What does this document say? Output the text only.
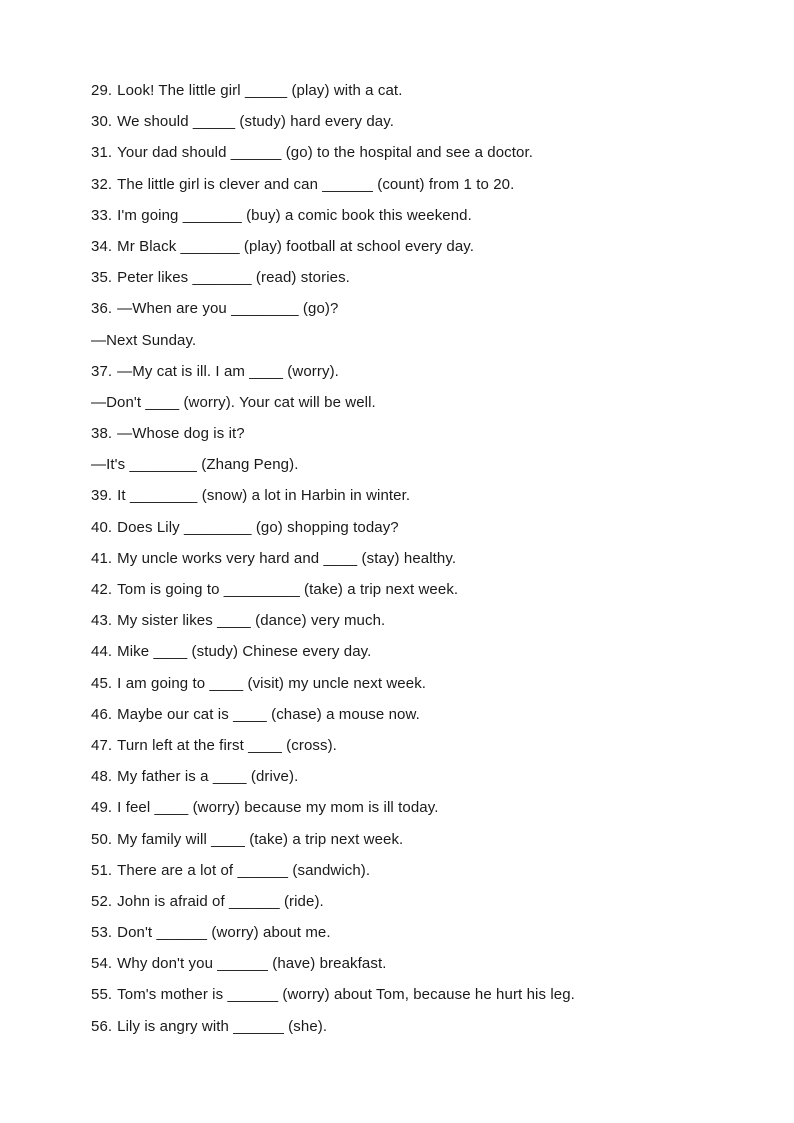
29. Look! The little girl _____ (play) with a cat.
30. We should _____ (study) hard every day.
31. Your dad should ______ (go) to the hospital and see a doctor.
32. The little girl is clever and can ______ (count) from 1 to 20.
33. I'm going _______ (buy) a comic book this weekend.
34. Mr Black _______ (play) football at school every day.
35. Peter likes _______ (read) stories.
36. —When are you ________ (go)?
—Next Sunday.
37. —My cat is ill. I am ____ (worry).
—Don't ____ (worry). Your cat will be well.
38. —Whose dog is it?
—It's ________ (Zhang Peng).
39. It ________ (snow) a lot in Harbin in winter.
40. Does Lily ________ (go) shopping today?
41. My uncle works very hard and ____ (stay) healthy.
42. Tom is going to _________ (take) a trip next week.
43. My sister likes ____ (dance) very much.
44. Mike ____ (study) Chinese every day.
45. I am going to ____ (visit) my uncle next week.
46. Maybe our cat is ____ (chase) a mouse now.
47. Turn left at the first ____ (cross).
48. My father is a ____ (drive).
49. I feel ____ (worry) because my mom is ill today.
50. My family will ____ (take) a trip next week.
51. There are a lot of ______ (sandwich).
52. John is afraid of ______ (ride).
53. Don't ______ (worry) about me.
54. Why don't you ______ (have) breakfast.
55. Tom's mother is ______ (worry) about Tom, because he hurt his leg.
56. Lily is angry with ______ (she).
